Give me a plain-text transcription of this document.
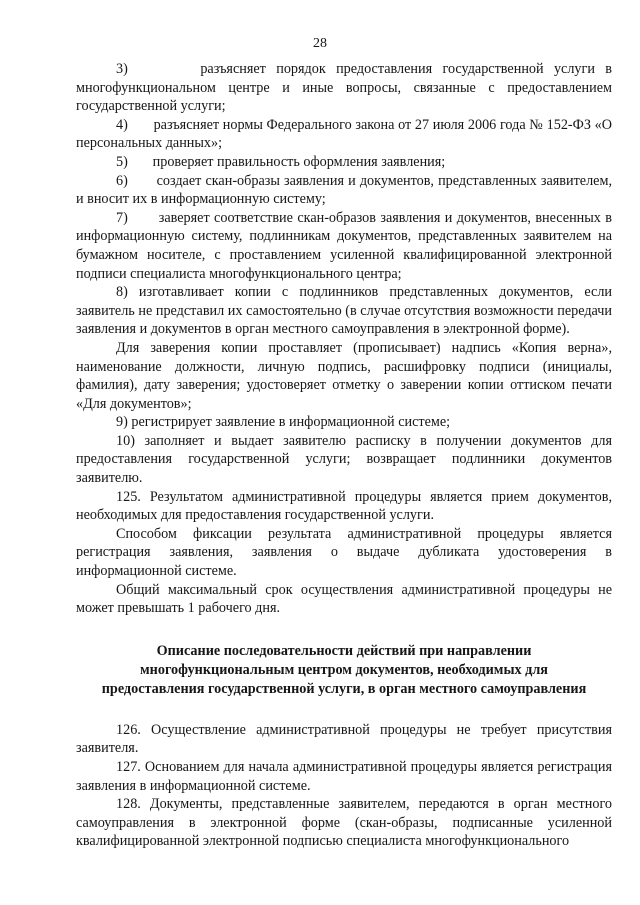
28

3)       разъясняет порядок предоставления государственной услуги в многофункциональном центре и иные вопросы, связанные с предоставлением государственной услуги;

4)       разъясняет нормы Федерального закона от 27 июля 2006 года № 152-ФЗ «О персональных данных»;

5)       проверяет правильность оформления заявления;

6)       создает скан-образы заявления и документов, представленных заявителем, и вносит их в информационную систему;

7)       заверяет соответствие скан-образов заявления и документов, внесенных в информационную систему, подлинникам документов, представленных заявителем на бумажном носителе, с проставлением усиленной квалифицированной электронной подписи специалиста многофункционального центра;

8) изготавливает копии с подлинников представленных документов, если заявитель не представил их самостоятельно (в случае отсутствия возможности передачи заявления и документов в орган местного самоуправления в электронной форме).

Для заверения копии проставляет (прописывает) надпись «Копия верна», наименование должности, личную подпись, расшифровку подписи (инициалы, фамилия), дату заверения; удостоверяет отметку о заверении копии оттиском печати «Для документов»;

9) регистрирует заявление в информационной системе;

10) заполняет и выдает заявителю расписку в получении документов для предоставления государственной услуги; возвращает подлинники документов заявителю.

125. Результатом административной процедуры является прием документов, необходимых для предоставления государственной услуги.

Способом фиксации результата административной процедуры является регистрация заявления, заявления о выдаче дубликата удостоверения в информационной системе.

Общий максимальный срок осуществления административной процедуры не может превышать 1 рабочего дня.

Описание последовательности действий при направлении
многофункциональным центром документов, необходимых для
предоставления государственной услуги, в орган местного самоуправления

126. Осуществление административной процедуры не требует присутствия заявителя.

127. Основанием для начала административной процедуры является регистрация заявления в информационной системе.

128. Документы, представленные заявителем, передаются в орган местного самоуправления в электронной форме (скан-образы, подписанные усиленной квалифицированной электронной подписью специалиста многофункционального
